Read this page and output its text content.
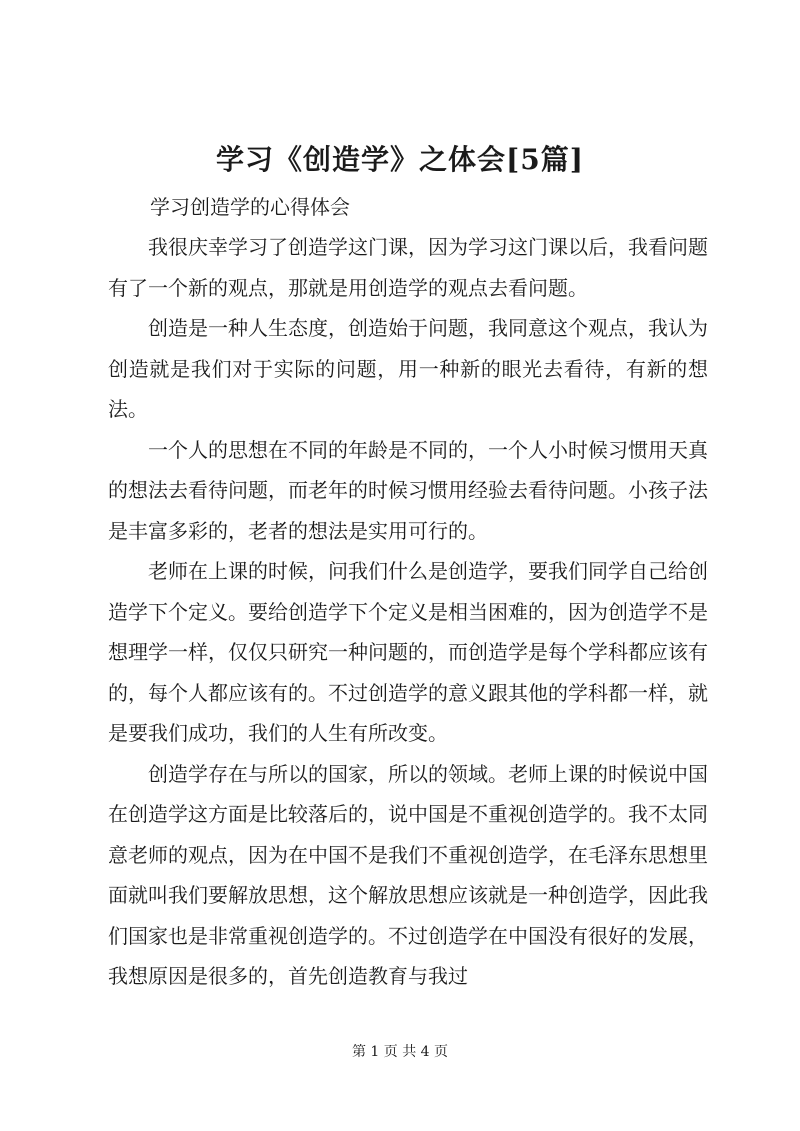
学习《创造学》之体会[5篇]
学习创造学的心得体会

我很庆幸学习了创造学这门课，因为学习这门课以后，我看问题有了一个新的观点，那就是用创造学的观点去看问题。

创造是一种人生态度，创造始于问题，我同意这个观点，我认为创造就是我们对于实际的问题，用一种新的眼光去看待，有新的想法。

一个人的思想在不同的年龄是不同的，一个人小时候习惯用天真的想法去看待问题，而老年的时候习惯用经验去看待问题。小孩子法是丰富多彩的，老者的想法是实用可行的。

老师在上课的时候，问我们什么是创造学，要我们同学自己给创造学下个定义。要给创造学下个定义是相当困难的，因为创造学不是想理学一样，仅仅只研究一种问题的，而创造学是每个学科都应该有的，每个人都应该有的。不过创造学的意义跟其他的学科都一样，就是要我们成功，我们的人生有所改变。

创造学存在与所以的国家，所以的领域。老师上课的时候说中国在创造学这方面是比较落后的，说中国是不重视创造学的。我不太同意老师的观点，因为在中国不是我们不重视创造学，在毛泽东思想里面就叫我们要解放思想，这个解放思想应该就是一种创造学，因此我们国家也是非常重视创造学的。不过创造学在中国没有很好的发展，我想原因是很多的，首先创造教育与我过

第 1 页 共 4 页
